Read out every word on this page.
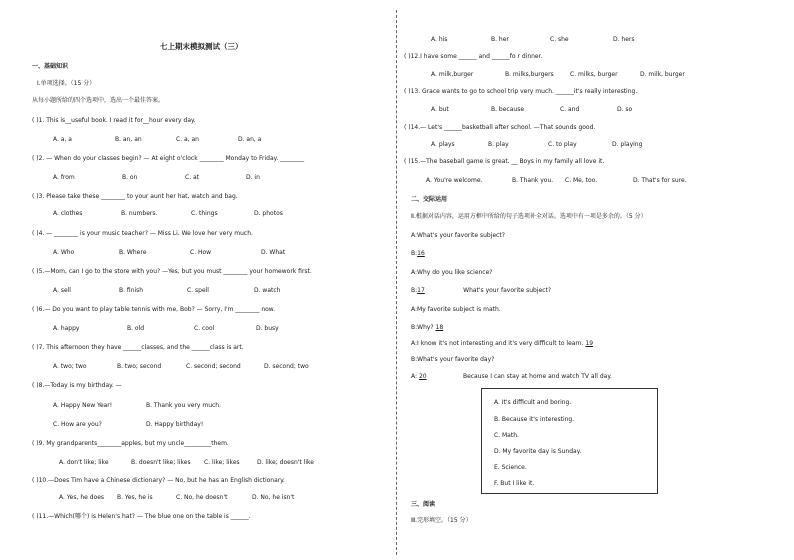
七上期末模拟测试（三）
一、基础知识
Ⅰ.单项选择。（15 分）
从每小题所给的四个选项中，选出一个最佳答案。
( )1. This is__useful book. I read it for__hour every day.
A. a, a	B. an, an	C. a, an	D. an, a
( )2. — When do your classes begin? — At eight o'clock ________ Monday to Friday. ________
A. from	B. on	C. at	D. in
( )3. Please take these ________ to your aunt her hat, watch and bag.
A. clothes	B. numbers.	C. things	D. photos
( )4. — ________ is your music teacher? — Miss Li. We love her very much.
A. Who	B. Where	C. How	D. What
( )5.—Mom, can I go to the store with you? —Yes, but you must ________ your homework first.
A. sell	B. finish	C. spell	D. watch
( )6.— Do you want to play table tennis with me, Bob? — Sorry, I'm ________ now.
A. happy	B. old	C. cool	D. busy
( )7. This afternoon they have ______classes, and the ______class is art.
A. two; two	B. two; second	C. second; second	D. second; two
( )8.—Today is my birthday. —
A. Happy New Year!	B. Thank you very much.
C. How are you?	D. Happy birthday!
( )9. My grandparents________apples, but my uncle_________them.
A. don't like; like	B. doesn't like; likes C. like; likes	D. like; doesn't like
( )10.—Does Tim have a Chinese dictionary? — No, but he has an English dictionary.
A. Yes, he does B. Yes, he is	C. No, he doesn't	D. No, he isn't
( )11.—Which(哪个) is Helen's hat? — The blue one on the table is ______.
A. his	B. her	C. she	D. hers
( )12.I have some ______ and ______fo r dinner.
A. milk,burger	B. milks,burgers	C. milks, burger	D. milk, burger
( )13. Grace wants to go to school trip very much. ______it's really interesting.
A. but	B. because	C. and	D. so
( )14.— Let's ______basketball after school. —That sounds good.
A. plays	B. play	C. to play	D. playing
( )15.—The baseball game is great. __ Boys in my family all love it.
A. You're welcome.	B. Thank you. C. Me, too.	D. That's for sure.
二、交际运用
Ⅱ.根据对话内容，运用方框中所给的句子选项补全对话。选项中有一项是多余的。（5 分）
A:What's your favorite subject?
B:16
A:Why do you like science?
B:17	What's your favorite subject?
A:My favorite subject is math.
B:Why? 18
A:I know it's not interesting and it's very difficult to learn. 19
B:What's your favorite day?
A: 20	Because I can stay at home and watch TV all day.
A. It's difficult and boring.
B. Because it's interesting.
C. Math.
D. My favorite day is Sunday.
E. Science.
F. But I like it.
三、阅读
Ⅲ.完形填空。（15 分）
